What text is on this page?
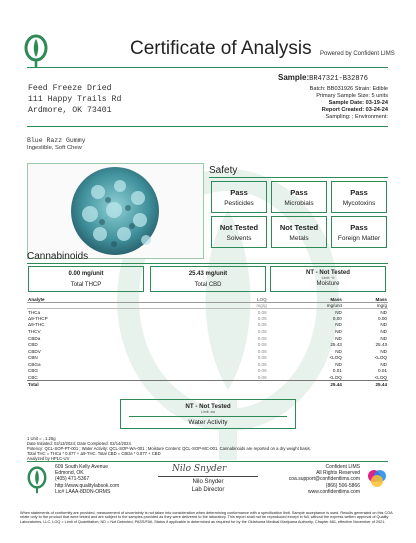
Certificate of Analysis Powered by Confident LIMS
Feed Freeze Dried
111 Happy Trails Rd
Ardmore, OK 73401
Sample:BR47321-B32876
Batch: BB031926 Strain: Edible
Primary Sample Size: 5 units
Sample Date: 03-19-24
Report Created: 03-24-24
Sampling: ; Environment:
Blue Razz Gummy
Ingestible, Soft Chew
Safety
Pass
Pesticides
Pass
Microbials
Pass
Mycotoxins
Not Tested
Solvents
Not Tested
Metals
Pass
Foreign Matter
Cannabinoids
0.00 mg/unit
Total THCP
25.43 mg/unit
Total CBD
NT - Not Tested
Limit: %
Moisture
Analyte	LOQ	Mass	Mass
	mg/g	mg/unit	mg/g
THCa	0.06	ND	ND
Δ9-THCP	0.06	0.00	0.00
Δ9-THC	0.06	ND	ND
THCV	0.06	ND	ND
CBDa	0.06	ND	ND
CBD	0.06	25.43	25.43
CBDV	0.06	ND	ND
CBN	0.06	<LOQ	<LOQ
CBGa	0.06	ND	ND
CBG	0.06	0.01	0.01
CBC	0.06	<LOQ	<LOQ
Total		25.44	25.44
NT - Not Tested
Limit: aw
Water Activity
1 Unit = , 1.25g
Date Initiated: 02/13/2024; Date Completed: 02/14/2024
Potency: QCL-SOP-PT-001 ; Water Activity: QCL-SOP-WA-001 ; Moisture Content: QCL-SOP-MC-001. Cannabinoids are reported on a dry weight basis.
Total THC = THCa * 0.877 + Δ9-THC. Total CBD = CBDa * 0.877 + CBD
Analyzed by HPLC-UV
609 South Kelly Avenue
Edmond, OK
(405) 471-5367
http://www.qualitylabsok.com
Lic# LAAA-8DDN-ORMS
Nilo Snyder
Nilo Snyder
Lab Director
Confident LIMS
All Rights Reserved
coa.support@confidentlims.com
(866) 506-5866
www.confidentlims.com
When statements of conformity are provided, measurement of uncertainty is not taken into consideration when determining conformance with a specification limit. Sample acceptance is used. Results generated on this COA relate only to the product that were tested and are subject to the samples provided as they were delivered to the laboratory. This report shall not be reproduced except in full, without the express written approval of Quality Laboratories, LLC. LOQ = Limit of Quantitation; ND = Not Detected; PASS/FAIL Status if applicable is determined as required for by the Oklahoma Medical Marijuana Authority; Chapter 681, effective November of 2021.
